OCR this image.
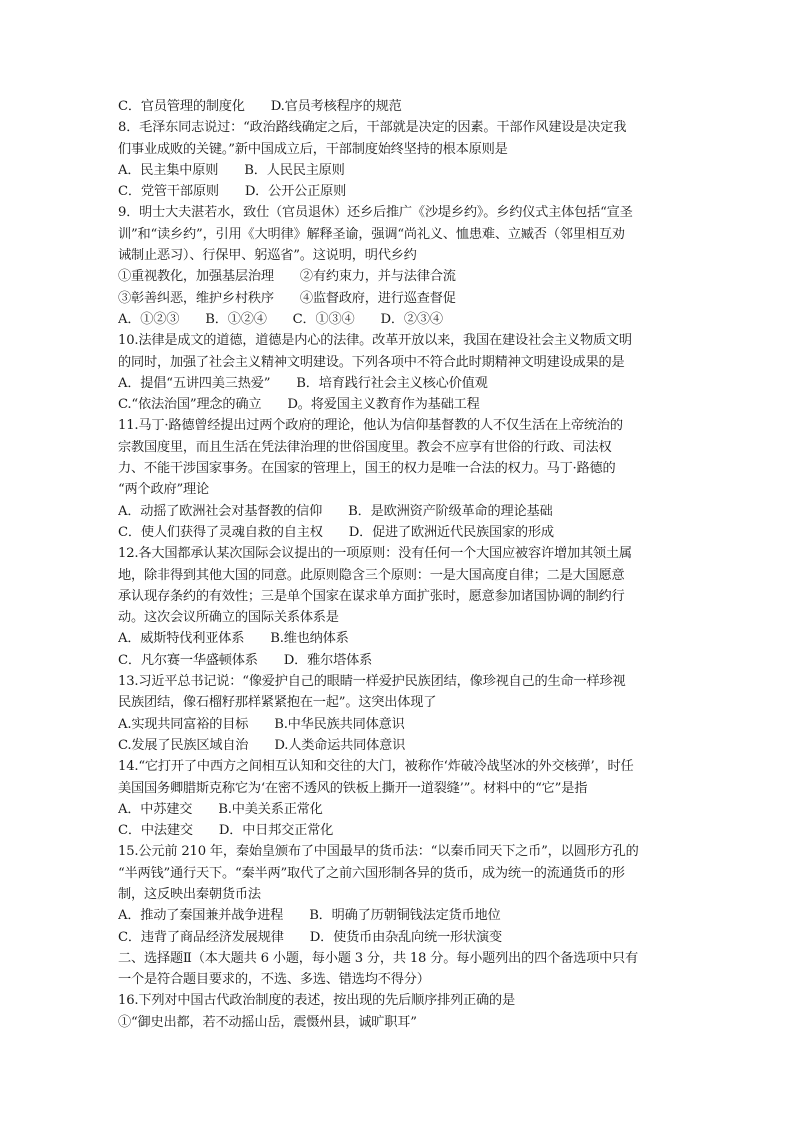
C．官员管理的制度化 D.官员考核程序的规范
8．毛泽东同志说过：“政治路线确定之后，干部就是决定的因素。干部作风建设是决定我
们事业成败的关键。”新中国成立后，干部制度始终坚持的根本原则是
A．民主集中原则 B．人民民主原则
C．党管干部原则 D．公开公正原则
9．明士大夫湛若水，致仕（官员退休）还乡后推广《沙堤乡约》。乡约仪式主体包括“宣圣
训”和“读乡约”，引用《大明律》解释圣谕，强调“尚礼义、恤患难、立臧否（邻里相互劝
诫制止恶习）、行保甲、躬巡省”。这说明，明代乡约
①重视教化，加强基层治理 ②有约束力，并与法律合流
③彰善纠恶，维护乡村秩序 ④监督政府，进行巡查督促
A．①②③　　B．①②④　　C．①③④　　D．②③④
10.法律是成文的道德，道德是内心的法律。改革开放以来，我国在建设社会主义物质文明
的同时，加强了社会主义精神文明建设。下列各项中不符合此时期精神文明建设成果的是
A．提倡“五讲四美三热爱” B．培育践行社会主义核心价值观
C.“依法治国”理念的确立 D。将爱国主义教育作为基础工程
11.马丁·路德曾经提出过两个政府的理论，他认为信仰基督教的人不仅生活在上帝统治的
宗教国度里，而且生活在凭法律治理的世俗国度里。教会不应享有世俗的行政、司法权
力、不能干涉国家事务。在国家的管理上，国王的权力是唯一合法的权力。马丁·路德的
“两个政府”理论
A．动摇了欧洲社会对基督教的信仰 B．是欧洲资产阶级革命的理论基础
C．使人们获得了灵魂自救的自主权 D．促进了欧洲近代民族国家的形成
12.各大国都承认某次国际会议提出的一项原则：没有任何一个大国应被容许增加其领土属
地，除非得到其他大国的同意。此原则隐含三个原则：一是大国高度自律；二是大国愿意
承认现存条约的有效性；三是单个国家在谋求单方面扩张时，愿意参加诸国协调的制约行
动。这次会议所确立的国际关系体系是
A．威斯特伐利亚体系 B.维也纳体系
C．凡尔赛一华盛顿体系 D．雅尔塔体系
13.习近平总书记说：“像爱护自己的眼睛一样爱护民族团结，像珍视自己的生命一样珍视
民族团结，像石榴籽那样紧紧抱在一起”。这突出体现了
A.实现共同富裕的目标 B.中华民族共同体意识
C.发展了民族区域自治 D.人类命运共同体意识
14.“它打开了中西方之间相互认知和交往的大门，被称作‘炸破冷战坚冰的外交核弹’，时任
美国国务卿腊斯克称它为‘在密不透风的铁板上撕开一道裂缝’”。材料中的“它”是指
A．中苏建交 B.中美关系正常化
C．中法建交 D．中日邦交正常化
15.公元前 210 年，秦始皇颁布了中国最早的货币法：“以秦币同天下之币”，以圆形方孔的
“半两钱”通行天下。“秦半两”取代了之前六国形制各异的货币，成为统一的流通货币的形
制，这反映出秦朝货币法
A．推动了秦国兼并战争进程 B．明确了历朝铜钱法定货币地位
C．违背了商品经济发展规律 D．使货币由杂乱向统一形状演变
二、选择题Ⅱ（本大题共 6 小题，每小题 3 分，共 18 分。每小题列出的四个备选项中只有
一个是符合题目要求的，不选、多选、错选均不得分）
16.下列对中国古代政治制度的表述，按出现的先后顺序排列正确的是
①“御史出都，若不动摇山岳，震慑州县，诚旷职耳”
